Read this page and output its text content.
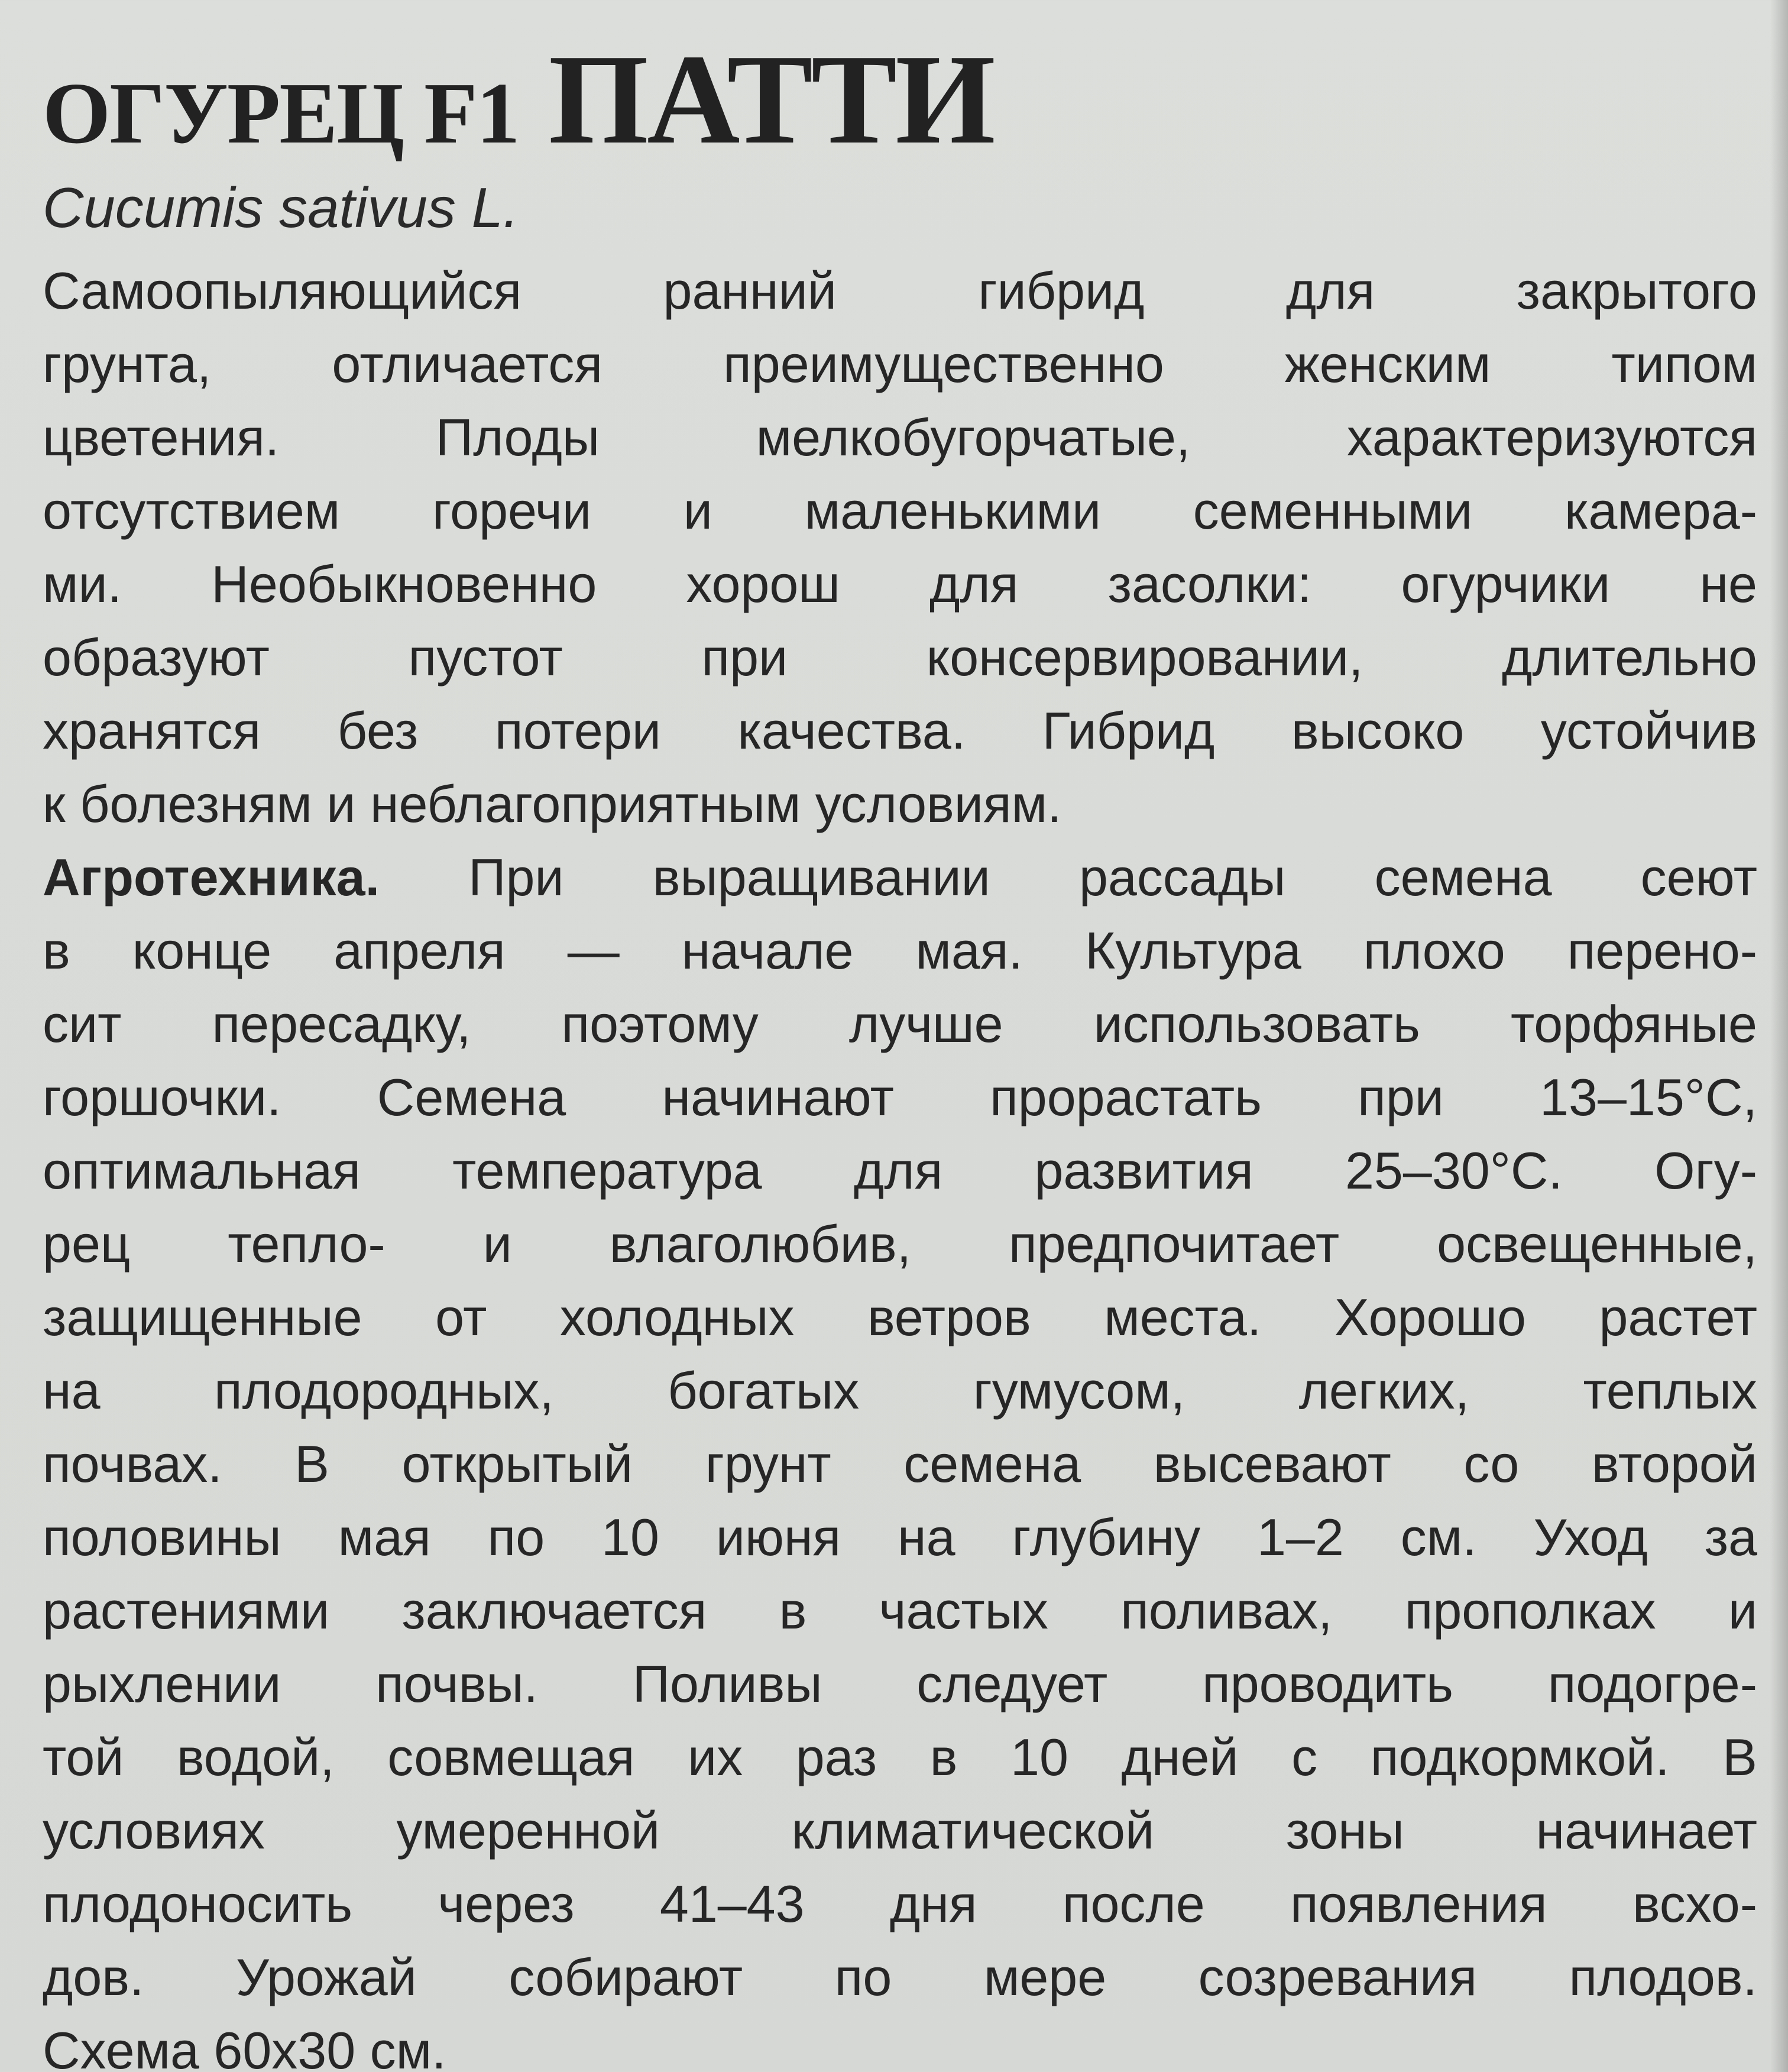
ОГУРЕЦ F1 ПАТТИ
Cucumis sativus L.
Самоопыляющийся ранний гибрид для закрытого
грунта, отличается преимущественно женским типом
цветения. Плоды мелкобугорчатые, характеризуются
отсутствием горечи и маленькими семенными камера-
ми. Необыкновенно хорош для засолки: огурчики не
образуют пустот при консервировании, длительно
хранятся без потери качества. Гибрид высоко устойчив
к болезням и неблагоприятным условиям.
Агротехника. При выращивании рассады семена сеют
в конце апреля — начале мая. Культура плохо перено-
сит пересадку, поэтому лучше использовать торфяные
горшочки. Семена начинают прорастать при 13–15°С,
оптимальная температура для развития 25–30°С. Огу-
рец тепло- и влаголюбив, предпочитает освещенные,
защищенные от холодных ветров места. Хорошо растет
на плодородных, богатых гумусом, легких, теплых
почвах. В открытый грунт семена высевают со второй
половины мая по 10 июня на глубину 1–2 см. Уход за
растениями заключается в частых поливах, прополках и
рыхлении почвы. Поливы следует проводить подогре-
той водой, совмещая их раз в 10 дней с подкормкой. В
условиях умеренной климатической зоны начинает
плодоносить через 41–43 дня после появления всхо-
дов. Урожай собирают по мере созревания плодов.
Схема 60х30 см.
